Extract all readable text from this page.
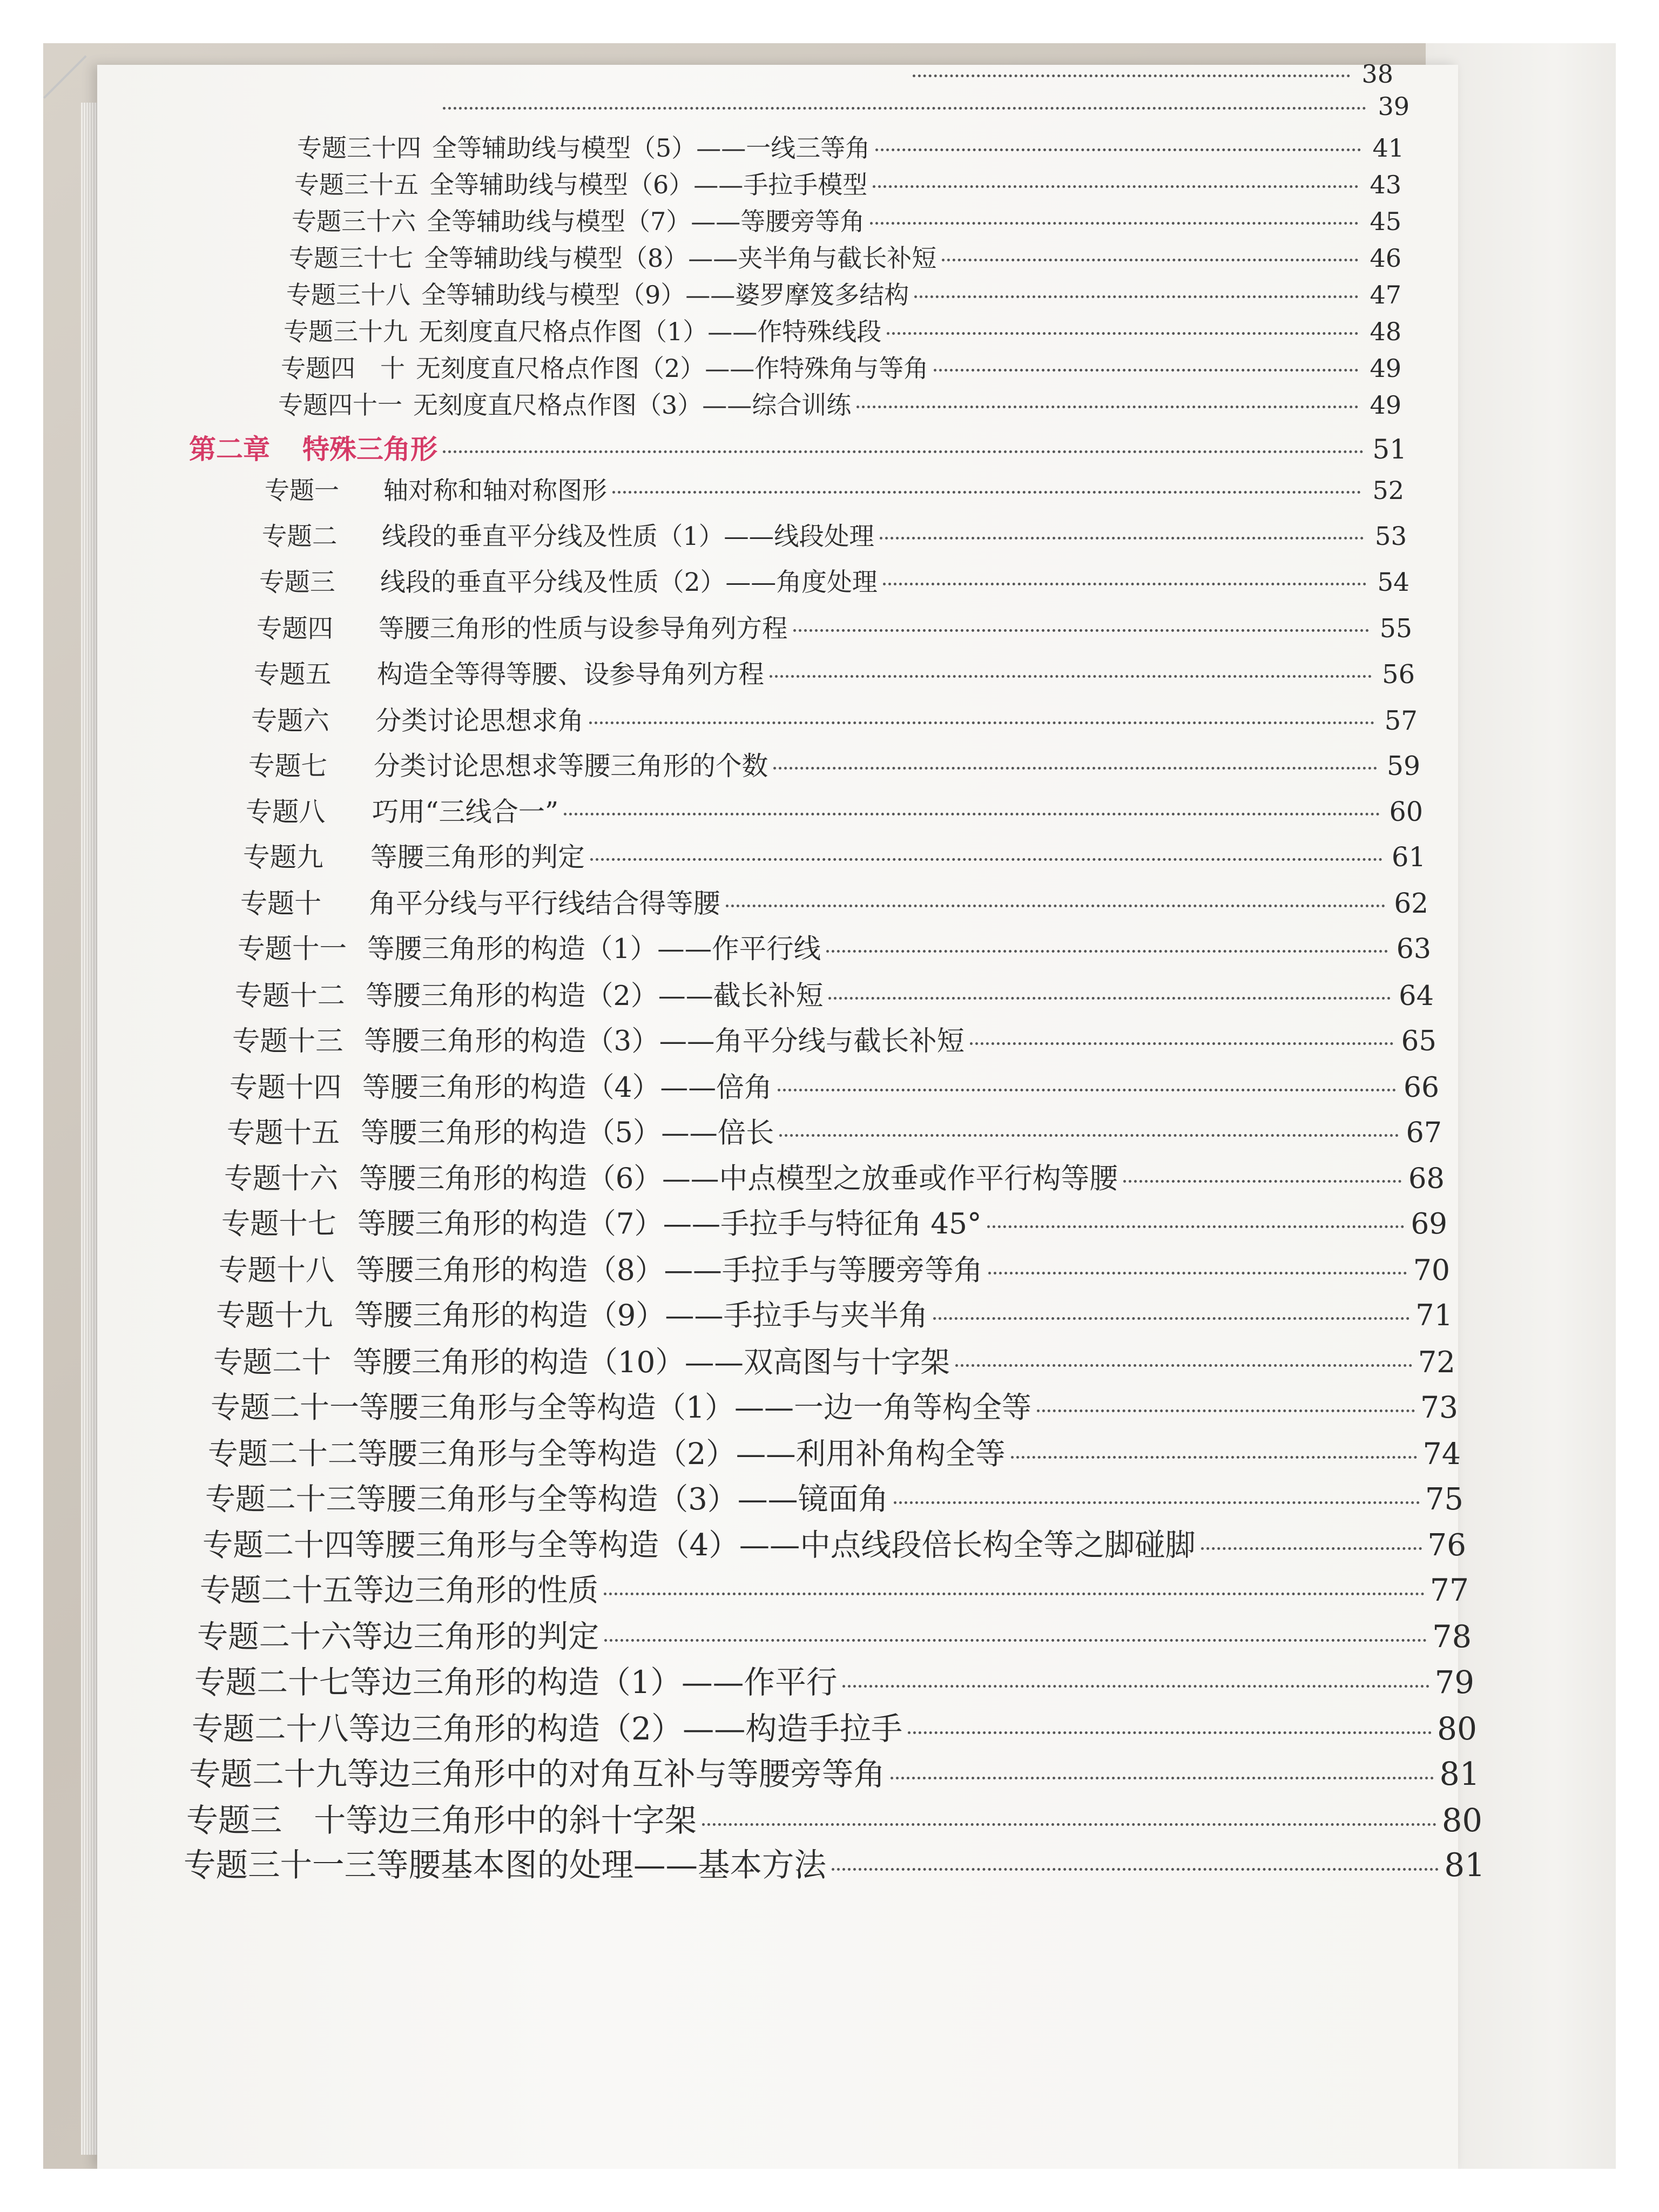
38
39
专题三十四 全等辅助线与模型（5）——一线三等角	41
专题三十五 全等辅助线与模型（6）——手拉手模型	43
专题三十六 全等辅助线与模型（7）——等腰旁等角	45
专题三十七 全等辅助线与模型（8）——夹半角与截长补短	46
专题三十八 全等辅助线与模型（9）——婆罗摩笈多结构	47
专题三十九 无刻度直尺格点作图（1）——作特殊线段	48
专题四　十 无刻度直尺格点作图（2）——作特殊角与等角	49
专题四十一 无刻度直尺格点作图（3）——综合训练	49
第二章	特殊三角形	51
专题一	轴对称和轴对称图形	52
专题二	线段的垂直平分线及性质（1）——线段处理	53
专题三	线段的垂直平分线及性质（2）——角度处理	54
专题四	等腰三角形的性质与设参导角列方程	55
专题五	构造全等得等腰、设参导角列方程	56
专题六	分类讨论思想求角	57
专题七	分类讨论思想求等腰三角形的个数	59
专题八	巧用“三线合一”	60
专题九	等腰三角形的判定	61
专题十	角平分线与平行线结合得等腰	62
专题十一 等腰三角形的构造（1）——作平行线	63
专题十二 等腰三角形的构造（2）——截长补短	64
专题十三 等腰三角形的构造（3）——角平分线与截长补短	65
专题十四 等腰三角形的构造（4）——倍角	66
专题十五 等腰三角形的构造（5）——倍长	67
专题十六 等腰三角形的构造（6）——中点模型之放垂或作平行构等腰	68
专题十七 等腰三角形的构造（7）——手拉手与特征角 45°	69
专题十八 等腰三角形的构造（8）——手拉手与等腰旁等角	70
专题十九 等腰三角形的构造（9）——手拉手与夹半角	71
专题二十 等腰三角形的构造（10）——双高图与十字架	72
专题二十一 等腰三角形与全等构造（1）——一边一角等构全等	73
专题二十二 等腰三角形与全等构造（2）——利用补角构全等	74
专题二十三 等腰三角形与全等构造（3）——镜面角	75
专题二十四 等腰三角形与全等构造（4）——中点线段倍长构全等之脚碰脚	76
专题二十五 等边三角形的性质	77
专题二十六 等边三角形的判定	78
专题二十七 等边三角形的构造（1）——作平行	79
专题二十八 等边三角形的构造（2）——构造手拉手	80
专题二十九 等边三角形中的对角互补与等腰旁等角	81
专题三　十 等边三角形中的斜十字架	80
专题三十一 三等腰基本图的处理——基本方法	81
